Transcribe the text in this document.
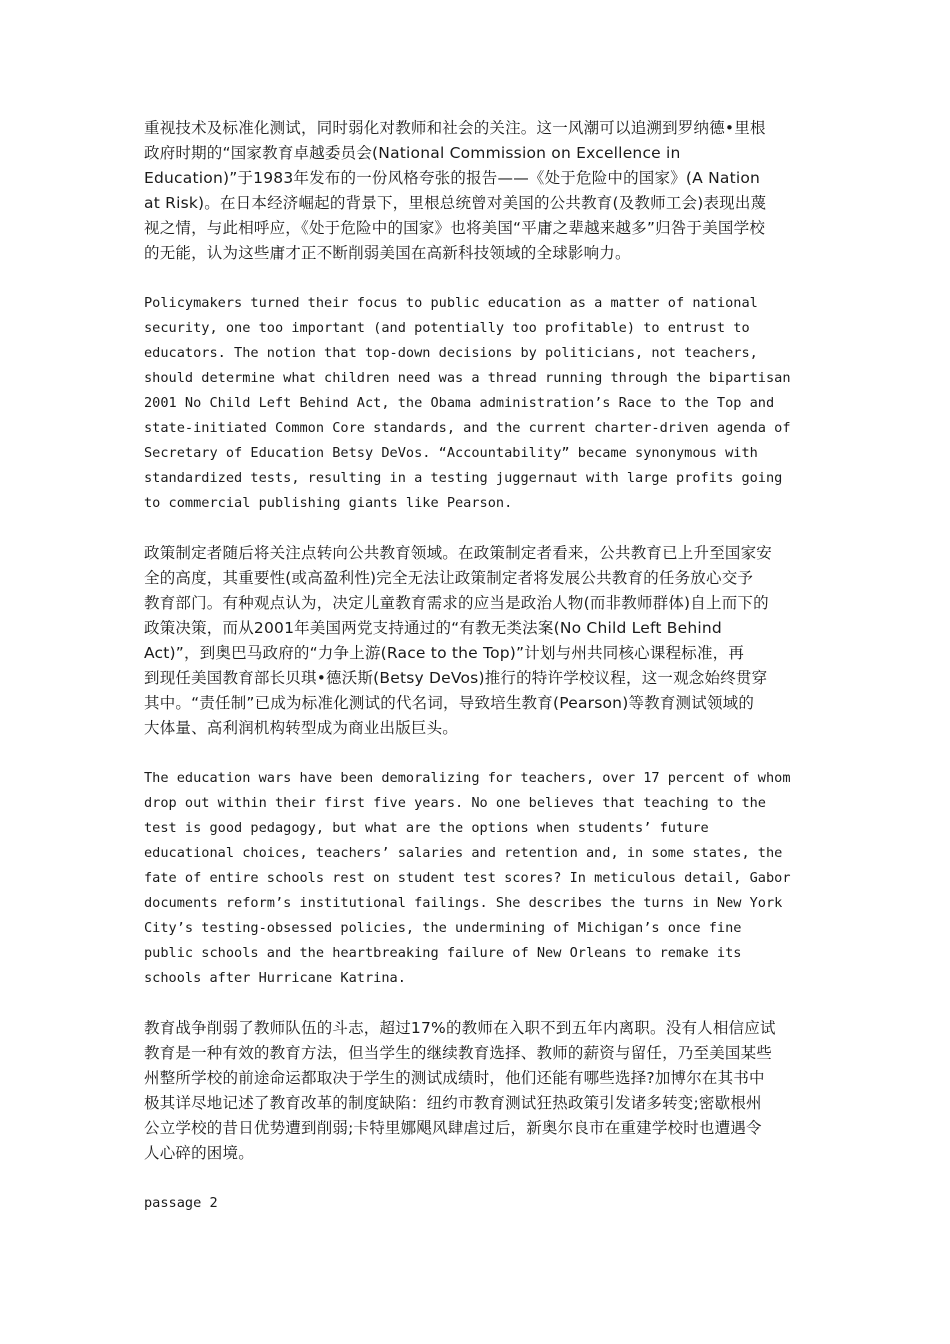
重视技术及标准化测试，同时弱化对教师和社会的关注。这一风潮可以追溯到罗纳德•里根
政府时期的“国家教育卓越委员会(National Commission on Excellence in
Education)”于1983年发布的一份风格夸张的报告——《处于危险中的国家》(A Nation
at Risk)。在日本经济崛起的背景下，里根总统曾对美国的公共教育(及教师工会)表现出蔑
视之情，与此相呼应，《处于危险中的国家》也将美国“平庸之辈越来越多”归咎于美国学校
的无能，认为这些庸才正不断削弱美国在高新科技领域的全球影响力。
Policymakers turned their focus to public education as a matter of national
security, one too important (and potentially too profitable) to entrust to
educators. The notion that top-down decisions by politicians, not teachers,
should determine what children need was a thread running through the bipartisan
2001 No Child Left Behind Act, the Obama administration’s Race to the Top and
state-initiated Common Core standards, and the current charter-driven agenda of
Secretary of Education Betsy DeVos. “Accountability” became synonymous with
standardized tests, resulting in a testing juggernaut with large profits going
to commercial publishing giants like Pearson.
政策制定者随后将关注点转向公共教育领域。在政策制定者看来，公共教育已上升至国家安
全的高度，其重要性(或高盈利性)完全无法让政策制定者将发展公共教育的任务放心交予
教育部门。有种观点认为，决定儿童教育需求的应当是政治人物(而非教师群体)自上而下的
政策决策，而从2001年美国两党支持通过的“有教无类法案(No Child Left Behind
Act)”，到奥巴马政府的“力争上游(Race to the Top)”计划与州共同核心课程标准，再
到现任美国教育部长贝琪•德沃斯(Betsy DeVos)推行的特许学校议程，这一观念始终贯穿
其中。“责任制”已成为标准化测试的代名词，导致培生教育(Pearson)等教育测试领域的
大体量、高利润机构转型成为商业出版巨头。
The education wars have been demoralizing for teachers, over 17 percent of whom
drop out within their first five years. No one believes that teaching to the
test is good pedagogy, but what are the options when students’ future
educational choices, teachers’ salaries and retention and, in some states, the
fate of entire schools rest on student test scores? In meticulous detail, Gabor
documents reform’s institutional failings. She describes the turns in New York
City’s testing-obsessed policies, the undermining of Michigan’s once fine
public schools and the heartbreaking failure of New Orleans to remake its
schools after Hurricane Katrina.
教育战争削弱了教师队伍的斗志，超过17%的教师在入职不到五年内离职。没有人相信应试
教育是一种有效的教育方法，但当学生的继续教育选择、教师的薪资与留任，乃至美国某些
州整所学校的前途命运都取决于学生的测试成绩时，他们还能有哪些选择?加博尔在其书中
极其详尽地记述了教育改革的制度缺陷：纽约市教育测试狂热政策引发诸多转变;密歇根州
公立学校的昔日优势遭到削弱;卡特里娜飓风肆虐过后，新奥尔良市在重建学校时也遭遇令
人心碎的困境。

passage 2
